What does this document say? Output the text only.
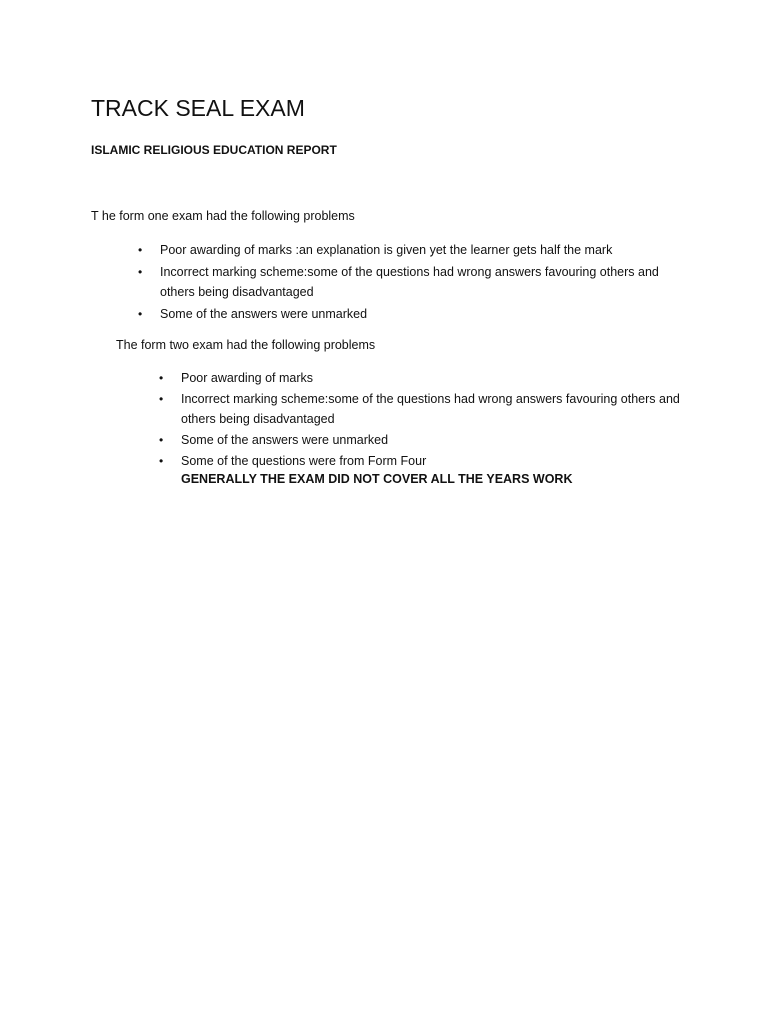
TRACK SEAL EXAM
ISLAMIC RELIGIOUS EDUCATION REPORT
T he form one exam had the following problems
• Poor awarding of marks :an explanation is given yet the learner gets half the mark
• Incorrect marking scheme:some of the questions had wrong answers favouring others and others being disadvantaged
• Some of the answers were unmarked
The form two exam had the following problems
• Poor awarding of marks
• Incorrect marking scheme:some of the questions had wrong answers favouring others and others being disadvantaged
• Some of the answers were unmarked
• Some of the questions were from Form Four
GENERALLY THE EXAM DID NOT COVER ALL THE YEARS WORK
